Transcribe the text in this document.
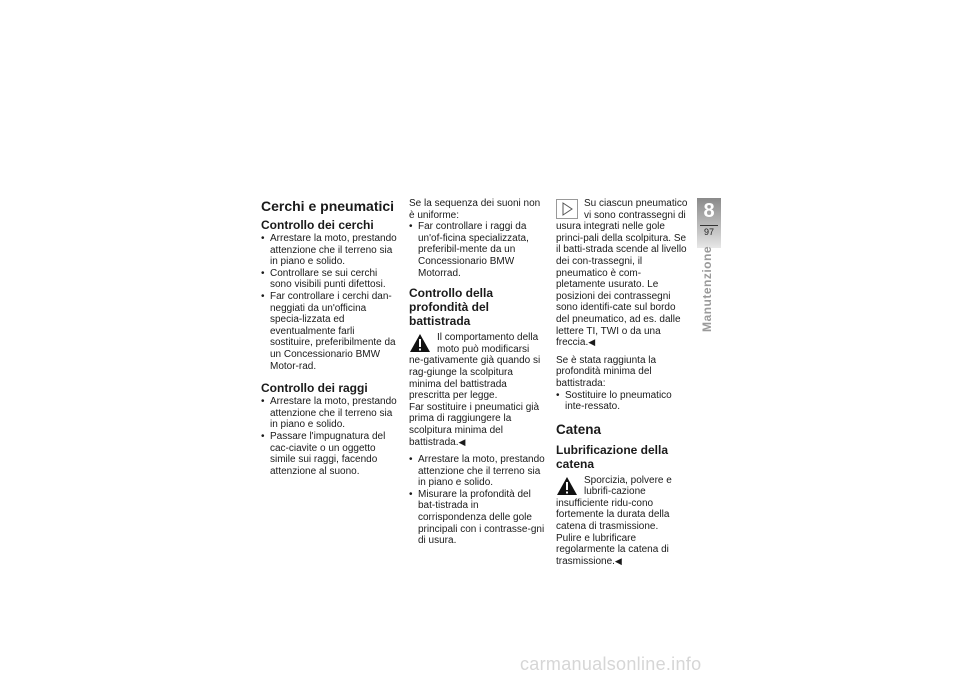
Cerchi e pneumatici
Controllo dei cerchi
• Arrestare la moto, prestando attenzione che il terreno sia in piano e solido.
• Controllare se sui cerchi sono visibili punti difettosi.
• Far controllare i cerchi dan-neggiati da un'officina specia-lizzata ed eventualmente farli sostituire, preferibilmente da un Concessionario BMW Motor-rad.
Controllo dei raggi
• Arrestare la moto, prestando attenzione che il terreno sia in piano e solido.
• Passare l'impugnatura del cac-ciavite o un oggetto simile sui raggi, facendo attenzione al suono.

Se la sequenza dei suoni non è uniforme:

• Far controllare i raggi da un'of-ficina specializzata, preferibil-mente da un Concessionario BMW Motorrad.
Controllo della profondità del battistrada

Il comportamento della moto può modificarsi ne-gativamente già quando si rag-giunge la scolpitura minima del battistrada prescritta per legge.

Far sostituire i pneumatici già prima di raggiungere la scolpitura minima del battistrada.◀

• Arrestare la moto, prestando attenzione che il terreno sia in piano e solido.
• Misurare la profondità del bat-tistrada in corrispondenza delle gole principali con i contrasse-gni di usura.

Su ciascun pneumatico vi sono contrassegni di usura integrati nelle gole princi-pali della scolpitura. Se il batti-strada scende al livello dei con-trassegni, il pneumatico è com-pletamente usurato. Le posizioni dei contrassegni sono identifi-cate sul bordo del pneumatico, ad es. dalle lettere TI, TWI o da una freccia.◀

Se è stata raggiunta la profondità minima del battistrada:

• Sostituire lo pneumatico inte-ressato.
Catena
Lubrificazione della catena

Sporcizia, polvere e lubrifi-cazione insufficiente ridu-cono fortemente la durata della catena di trasmissione.

Pulire e lubrificare regolarmente la catena di trasmissione.◀

8
97
Manutenzione
carmanualsonline.info
